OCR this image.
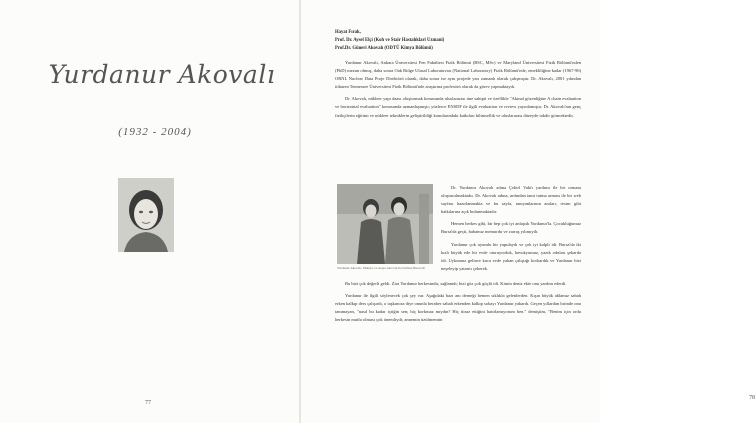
Yurdanur Akovalı
(1932 - 2004)
77
Hayat Fırak,
Prof. Dr. Aysel Elçi (Koh ve Stair Hastahklari Uzmani)
Prof.Dr. Güneri Akovalı (ODTÜ Kimya Bölümü)

Yurdanur Akovalı, Ankara Üniversitesi Fen Fakültesi Fizik Bölümü (BSC, MSc) ve Maryland Üniversitesi Fizik Bölümü'nden (PhD) mezun olmuş, daha sonra Oak Ridge Ulusal Laboratuvarı (National Laboratory) Fizik Bölümü'nde, emekliliğine kadar (1967-96) ORNL Nuclear Data Proje Direktörü olarak, daha sonra ise aynı projede yarı zamanlı olarak çalışmıştır. Dr. Akovalı, 2001 yılından itibaren Tennessee Üniversitesi Fizik Bölümü'nde araştırma profesörü olarak da görev yapmaktaydı.

Dr. Akovalı, nükleer yapı daası oluşturmak konusunda uluslararası üne sahipti ve özellikle "Akinal gözenliğine A chain evaluation ve horizontal evaluation" konusunda uzmanlaşmıştı; yüzlerce ENSDF ile ilgili evaluation ve review yayınlamıştır. Dr. Akovalı'nın genç fizikçilerin eğitimi ve nükleer tekniklerin geliştirildiği konularındaki katkıları bilimsellik ve uluslararası düzeyde takdir görmektedir.

Yurdanur Akovalı, Mahiye ve Asiye Akovalı ile birlikte Bursa'da

Dr. Yurdanur Akovalı adına Çekirl Vakfı yardımı ile bir ormanı oluşturulmaktadır. Dr. Akovalı adına, ardından tanıt tutma arması ile bir web sayfası hazırlanmakta ve bu sayfa, tanıyanlarının anıları, resim gibi katkılarına açık bulunmaktadır.

Hemen herkes gibi, bir hep çok iyi anlaştık Yurdanur'la. Çocukluğumuz Bursa'da geçti, babamız memurdu ve zarraş yılımıyth.

Yurdanur çok uyumlu bir yapıdaydı ve çok iyi kalpli idi. Bursa'da iki kızlı büyük ede bir evde oturuyorduk, havukyumuz, yazık oduları şekarda idi. Uykumuz gelince kuca evde yakan çalıştığı korkardık ve Yurdanur bizi neşeleyip yatarıtı çekerek.

Bu bizi çok değerli geldi. Zira Yurdanur herkesindir, sağlamdı; bizi göz çok güçlü idi. Kimin deniz ekte onu yardım ederdi.

Yurdanur ile ilgili söylenecek çok şey var. Aşağıdaki bazı anı derneği hemen sıklıkla gelenlerden. Kışın büyük ablamız sabah erken kalkıp ders çalışırdı, o taşkınoza diye onunla beraber sabah erkenden kalkıp sobayı Yurdanur yakardı. Geçen yıllardan birinde onu tanımayan, "nasıl bu kadar içtiğin sen; hiç korkmaz mıydın? Hiç itiraz ettiğini hatırlamıyorum ben." demiştim, "Benim için ordu herkesin mutlu olması çok önemliydi; annemin üzülmemini

78
